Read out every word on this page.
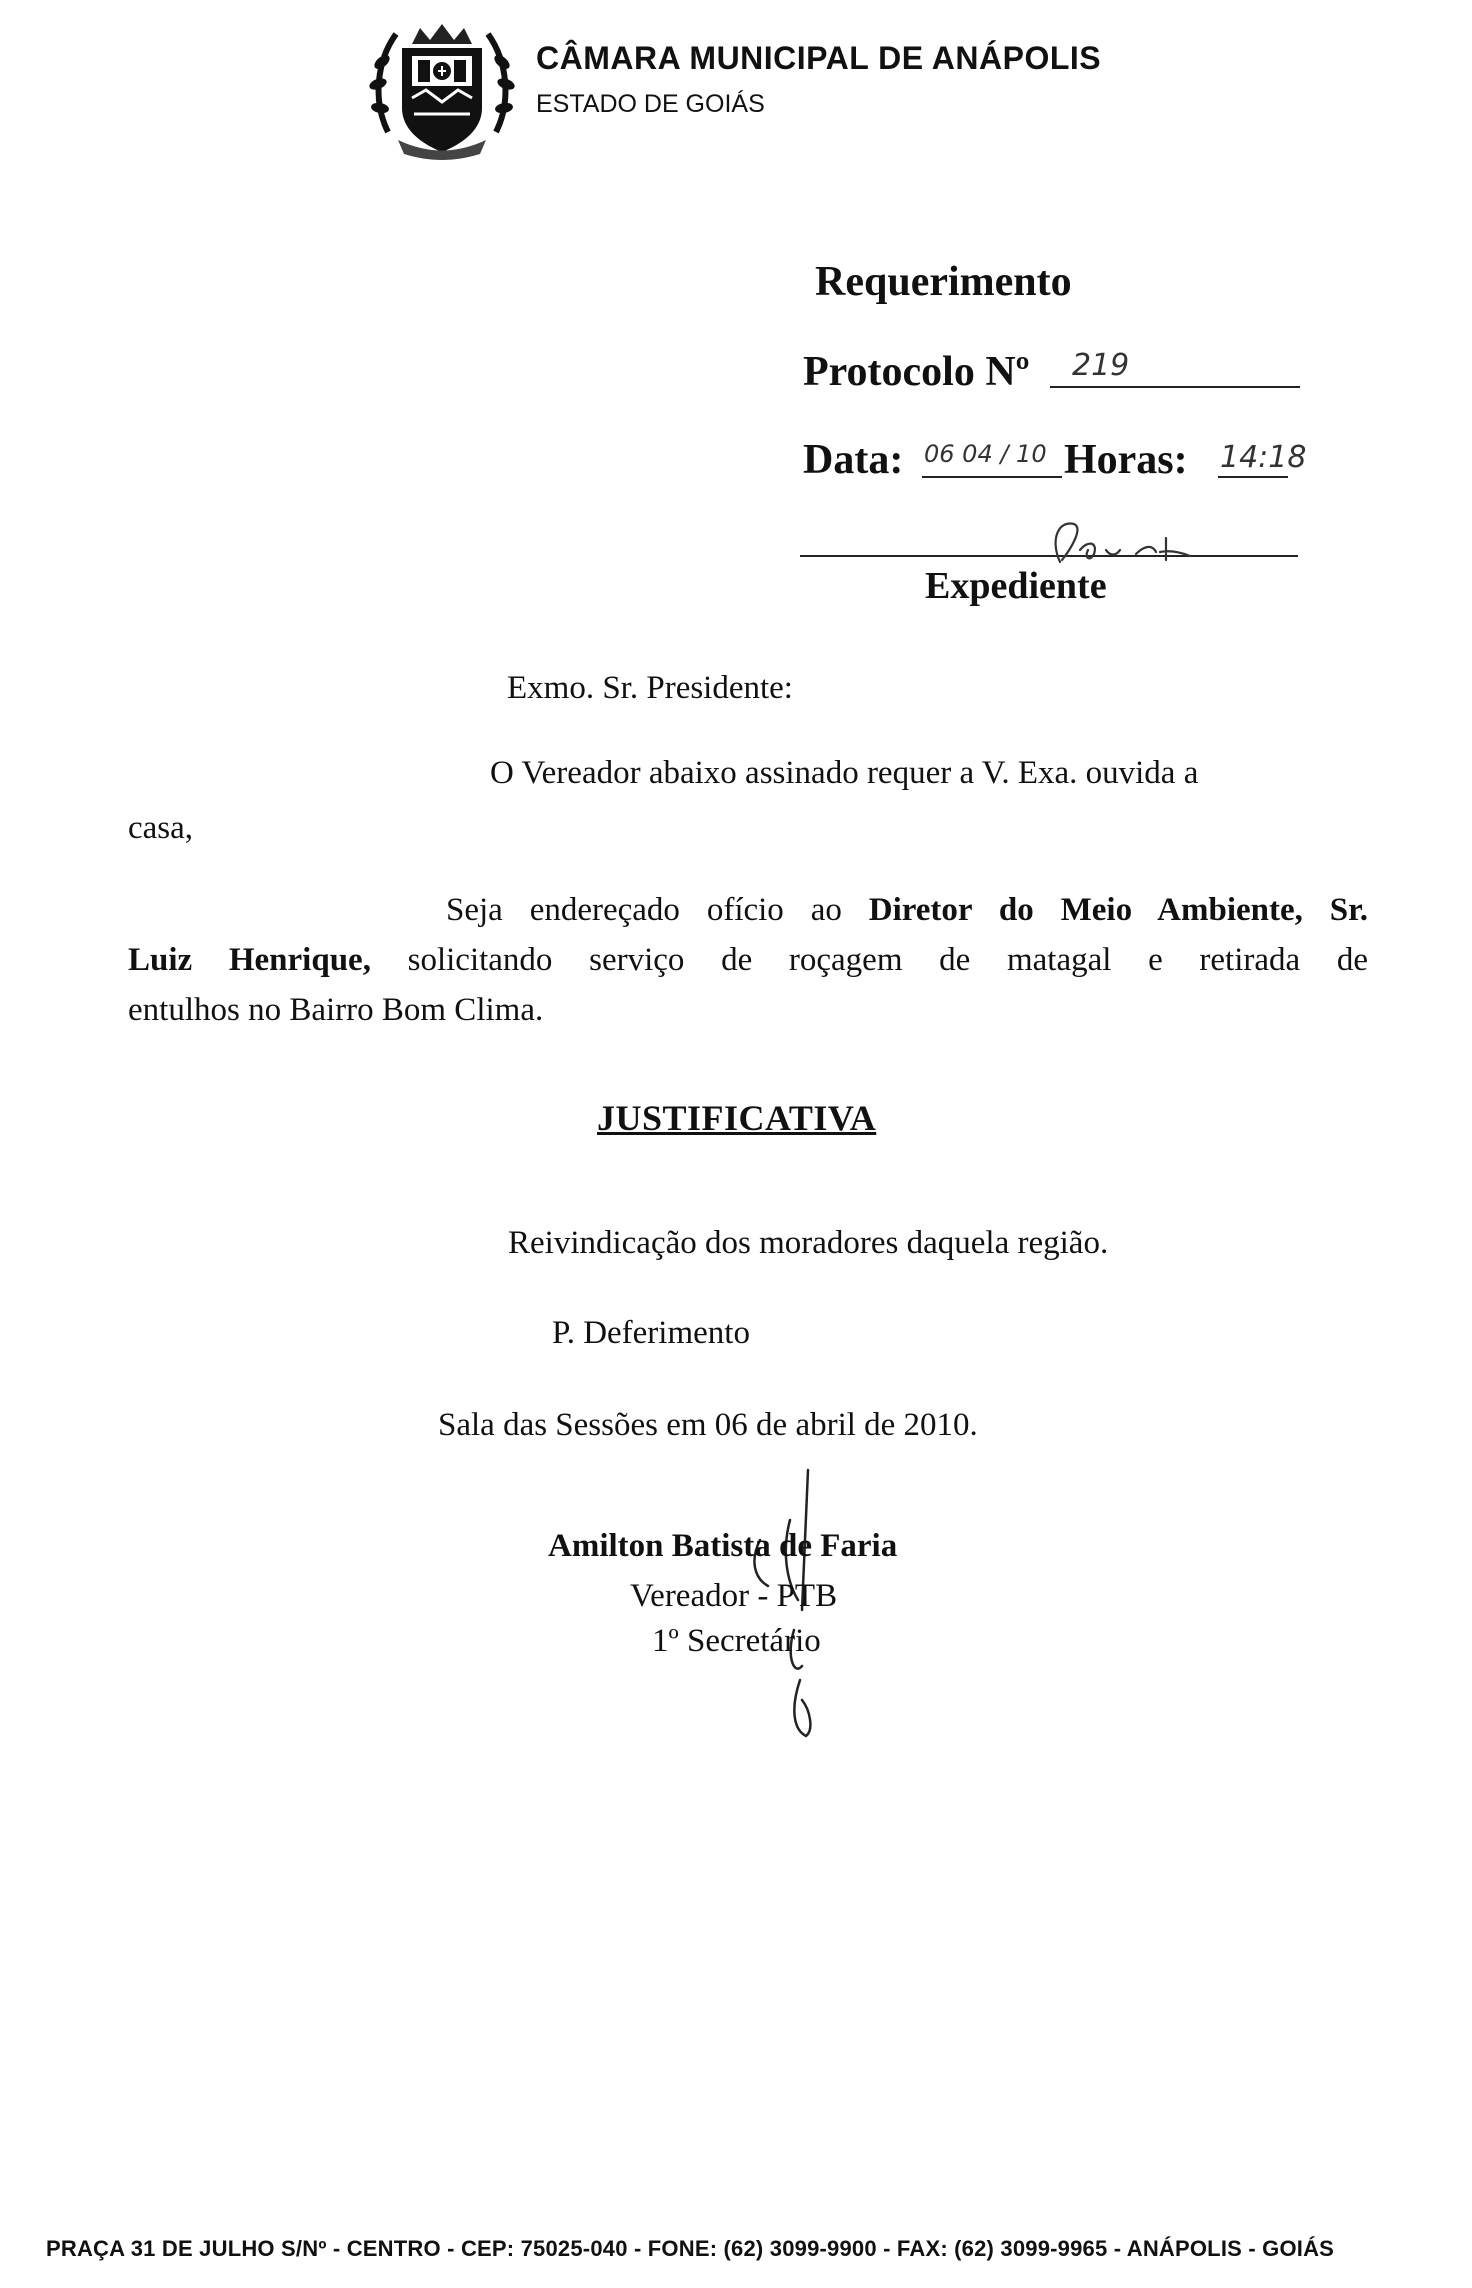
CÂMARA MUNICIPAL DE ANÁPOLIS
ESTADO DE GOIÁS
Requerimento
Protocolo Nº 219
Data: 06 04 / 10 Horas: 14:18
Expediente
Exmo. Sr. Presidente:
O Vereador abaixo assinado requer a V. Exa. ouvida a
casa,
Seja endereçado ofício ao Diretor do Meio Ambiente, Sr.
Luiz Henrique, solicitando serviço de roçagem de matagal e retirada de
entulhos no Bairro Bom Clima.
JUSTIFICATIVA
Reivindicação dos moradores daquela região.
P. Deferimento
Sala das Sessões em 06 de abril de 2010.
Amilton Batista de Faria
Vereador - PTB
1º Secretário
PRAÇA 31 DE JULHO S/Nº - CENTRO - CEP: 75025-040 - FONE: (62) 3099-9900 - FAX: (62) 3099-9965 - ANÁPOLIS - GOIÁS
